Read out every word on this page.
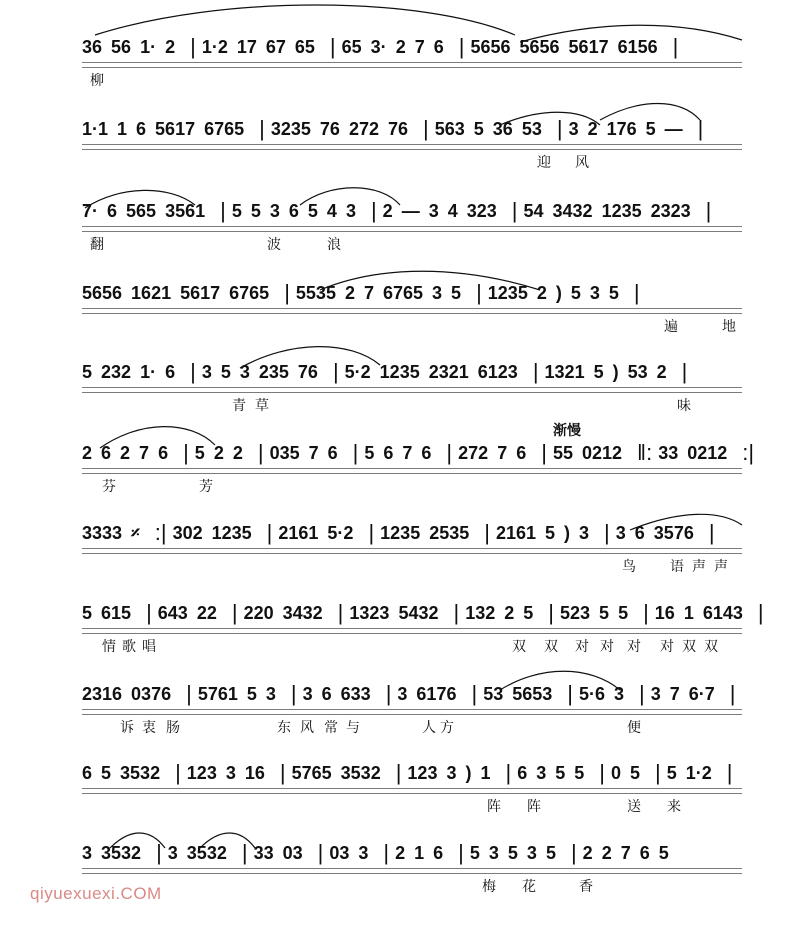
36 56 1· 2 | 1·2 17 67 65 | 65 3· 2 7 6 | 5656 5656 5617 6156 |
柳
1·1 1 6 5617 6765 | 3235 76 272 76 | 563 5 36 53 | 3 2 176 5 — |
迎 风
7· 6 565 3561 | 5 5 3 6 5 4 3 | 2 — 3 4 323 | 54 3432 1235 2323 |
翻	波	浪
5656 1621 5617 6765 | 5535 2 7 6765 3 5 | 1235 2 ) 5 3 5 |
遍	地
5 232 1· 6 | 3 5 3 235 76 | 5·2 1235 2321 6123 | 1321 5 ) 53 2 |
青 草	味
2 6 2 7 6 | 5 2 2 | 035 7 6 | 5 6 7 6 | 272 7 6 | 55 0212 ‖: 33 0212 :|
芬	芳
3333 𝄎 :| 302 1235 | 2161 5·2 | 1235 2535 | 2161 5 ) 3 | 3 6 3576 |
鸟 语 声 声
5 615 | 643 22 | 220 3432 | 1323 5432 | 132 2 5 | 523 5 5 | 16 1 6143 |
情 歌 唱	双 双 对 对 对 对 双 双
2316 0376 | 5761 5 3 | 3 6 633 | 3 6176 | 53 5653 | 5·6 3 | 3 7 6·7 |
诉 衷 肠	东 风 常 与	人 方	便
6 5 3532 | 123 3 16 | 5765 3532 | 123 3 ) 1 | 6 3 5 5 | 0 5 | 5 1·2 |
阵 阵	送 来
3 3532 | 3 3532 | 33 03 | 03 3 | 2 1 6 | 5 3 5 3 5 | 2 2 7 6 5
梅 花	香
渐慢
qiyuexuexi.COM
